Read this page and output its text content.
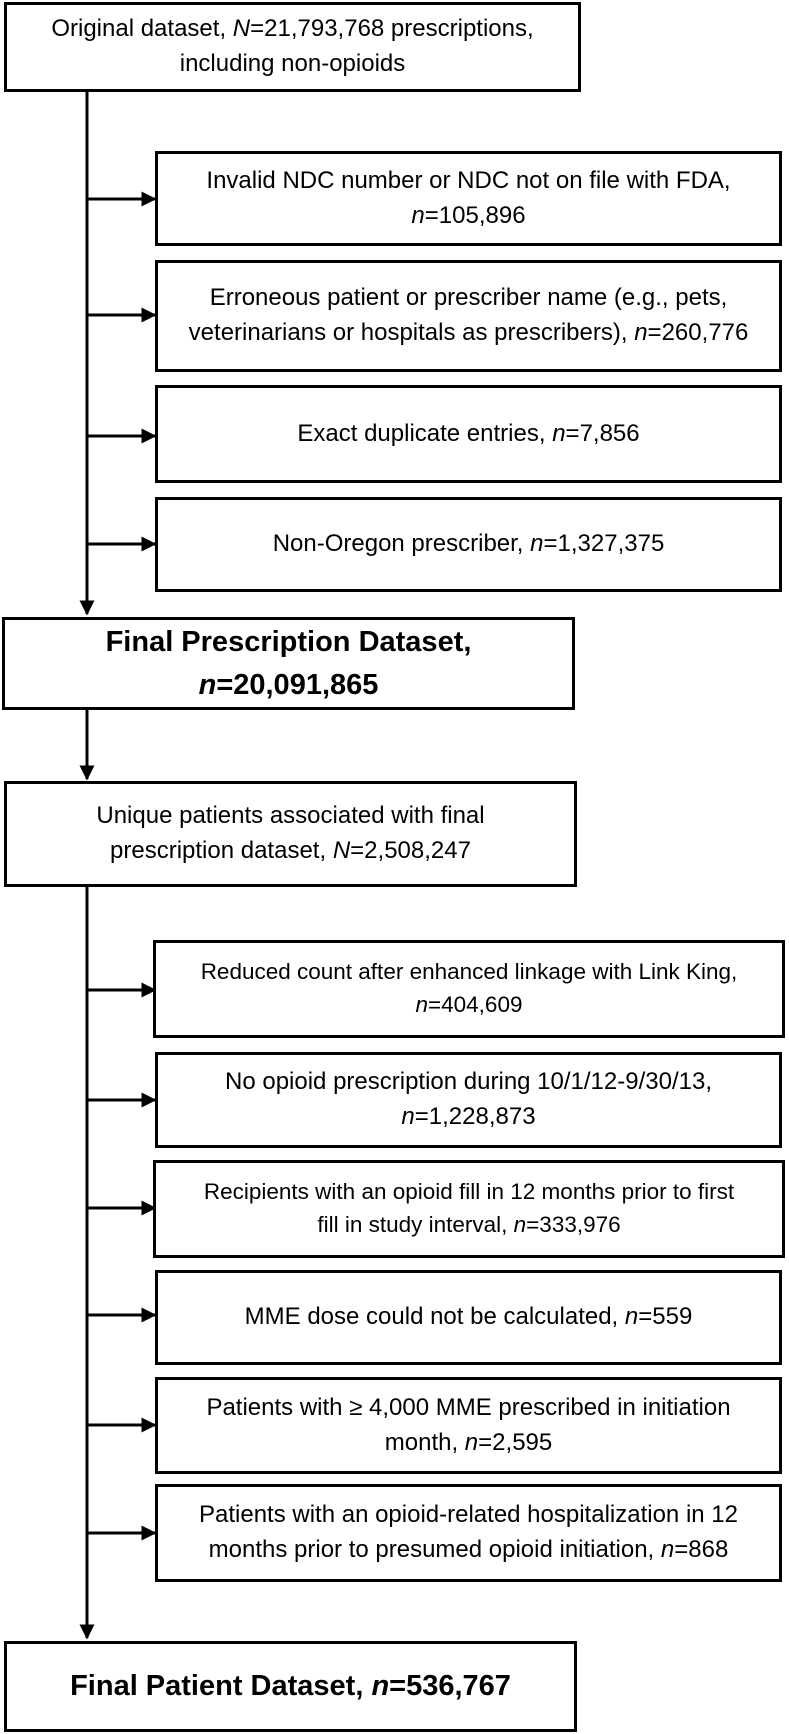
Original dataset, N=21,793,768 prescriptions,
including non-opioids
Invalid NDC number or NDC not on file with FDA,
n=105,896
Erroneous patient or prescriber name (e.g., pets,
veterinarians or hospitals as prescribers), n=260,776
Exact duplicate entries, n=7,856
Non-Oregon prescriber, n=1,327,375
Final Prescription Dataset, n=20,091,865
Unique patients associated with final
prescription dataset, N=2,508,247
Reduced count after enhanced linkage with Link King,
n=404,609
No opioid prescription during 10/1/12-9/30/13,
n=1,228,873
Recipients with an opioid fill in 12 months prior to first
fill in study interval, n=333,976
MME dose could not be calculated, n=559
Patients with ≥ 4,000 MME prescribed in initiation
month, n=2,595
Patients with an opioid-related hospitalization in 12
months prior to presumed opioid initiation, n=868
Final Patient Dataset, n=536,767
